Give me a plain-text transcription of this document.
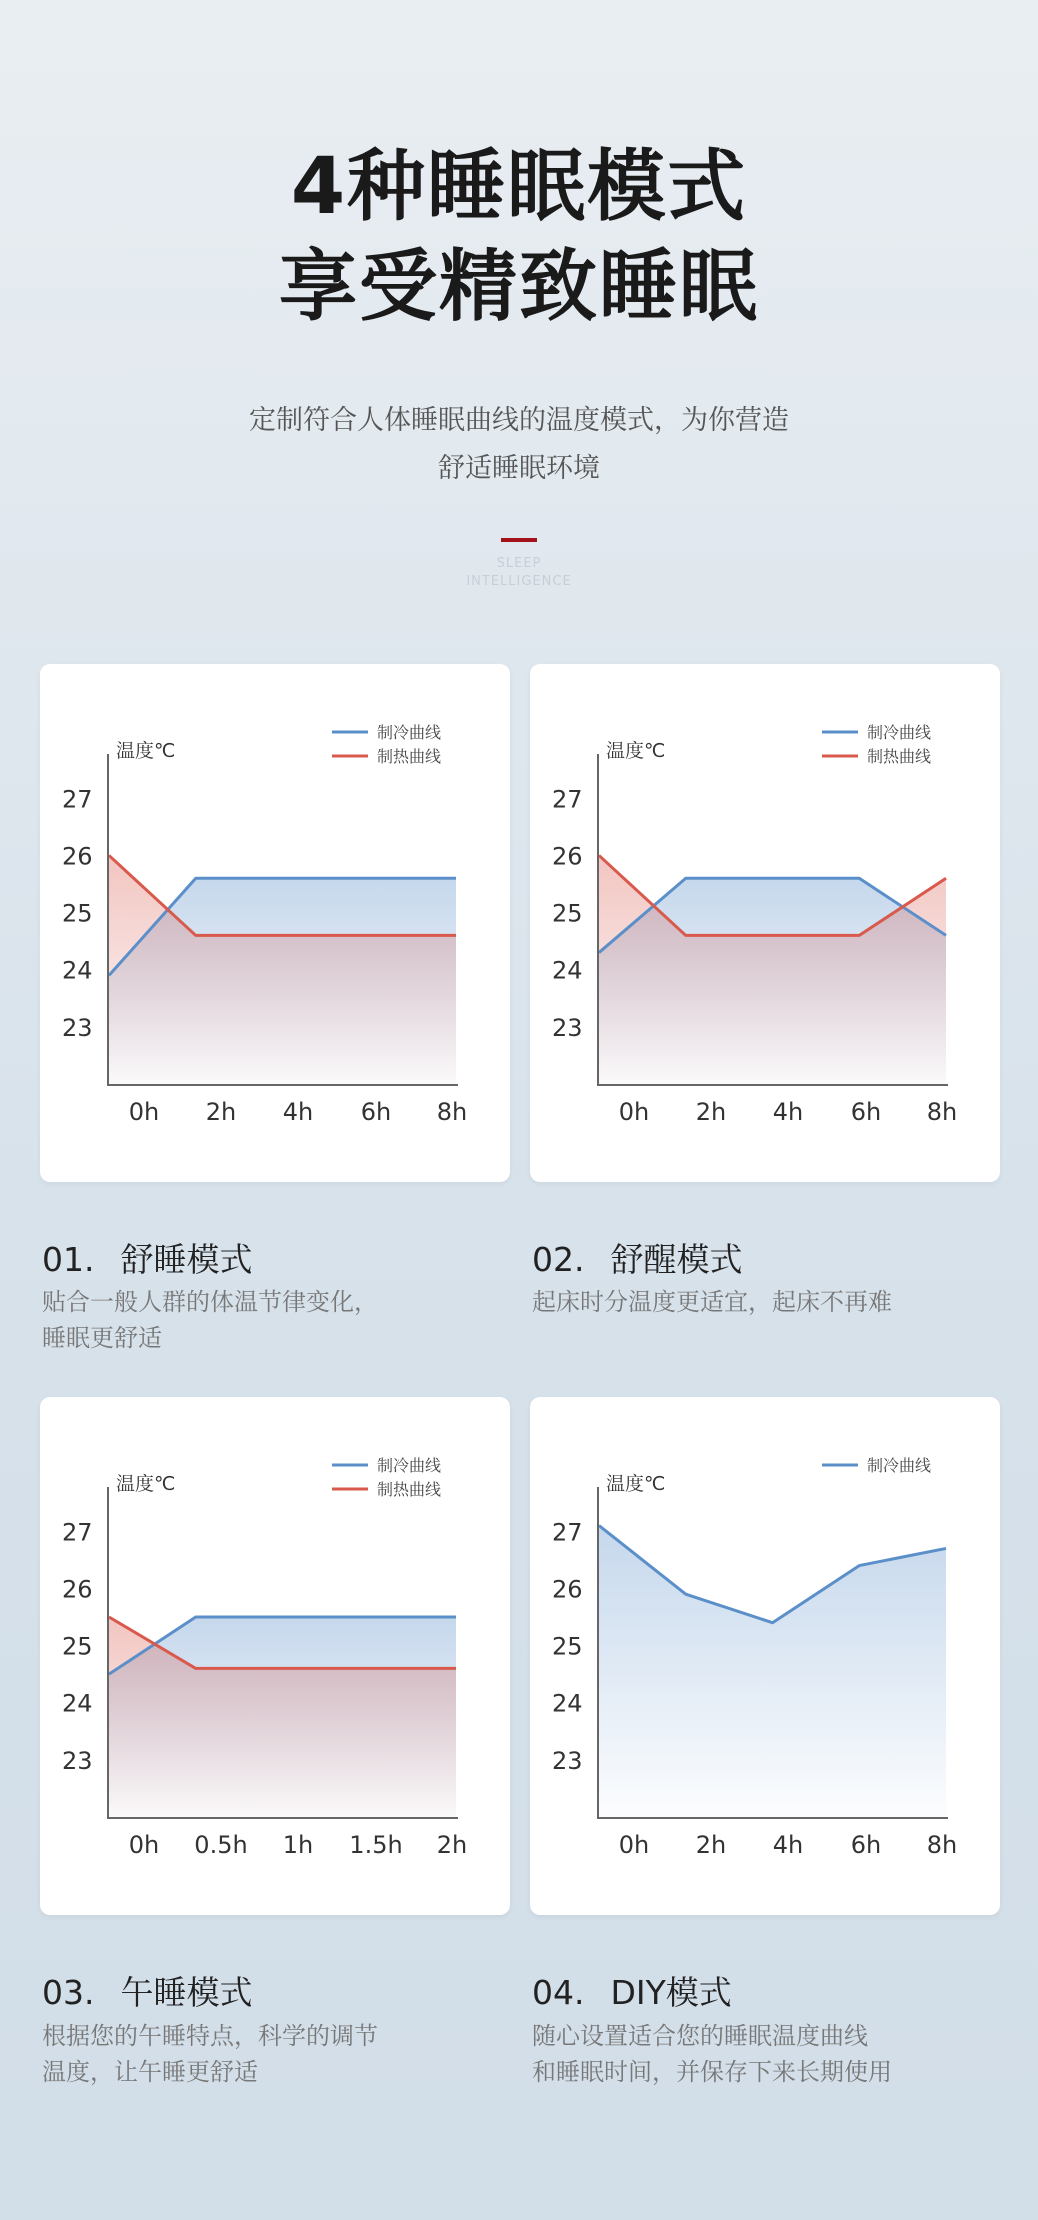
4种睡眠模式
享受精致睡眠
定制符合人体睡眠曲线的温度模式，为你营造
舒适睡眠环境
SLEEP
INTELLIGENCE
温度℃
制冷曲线
制热曲线
27
26
25
24
23
0h 2h 4h 6h 8h
温度℃
制冷曲线
制热曲线
27
26
25
24
23
0h 2h 4h 6h 8h
温度℃
制冷曲线
制热曲线
27
26
25
24
23
0h 0.5h 1h 1.5h 2h
温度℃
制冷曲线
27
26
25
24
23
0h 2h 4h 6h 8h
01. 舒睡模式
贴合一般人群的体温节律变化，
睡眠更舒适
02. 舒醒模式
起床时分温度更适宜，起床不再难
03. 午睡模式
根据您的午睡特点，科学的调节
温度，让午睡更舒适
04. DIY模式
随心设置适合您的睡眠温度曲线
和睡眠时间，并保存下来长期使用
